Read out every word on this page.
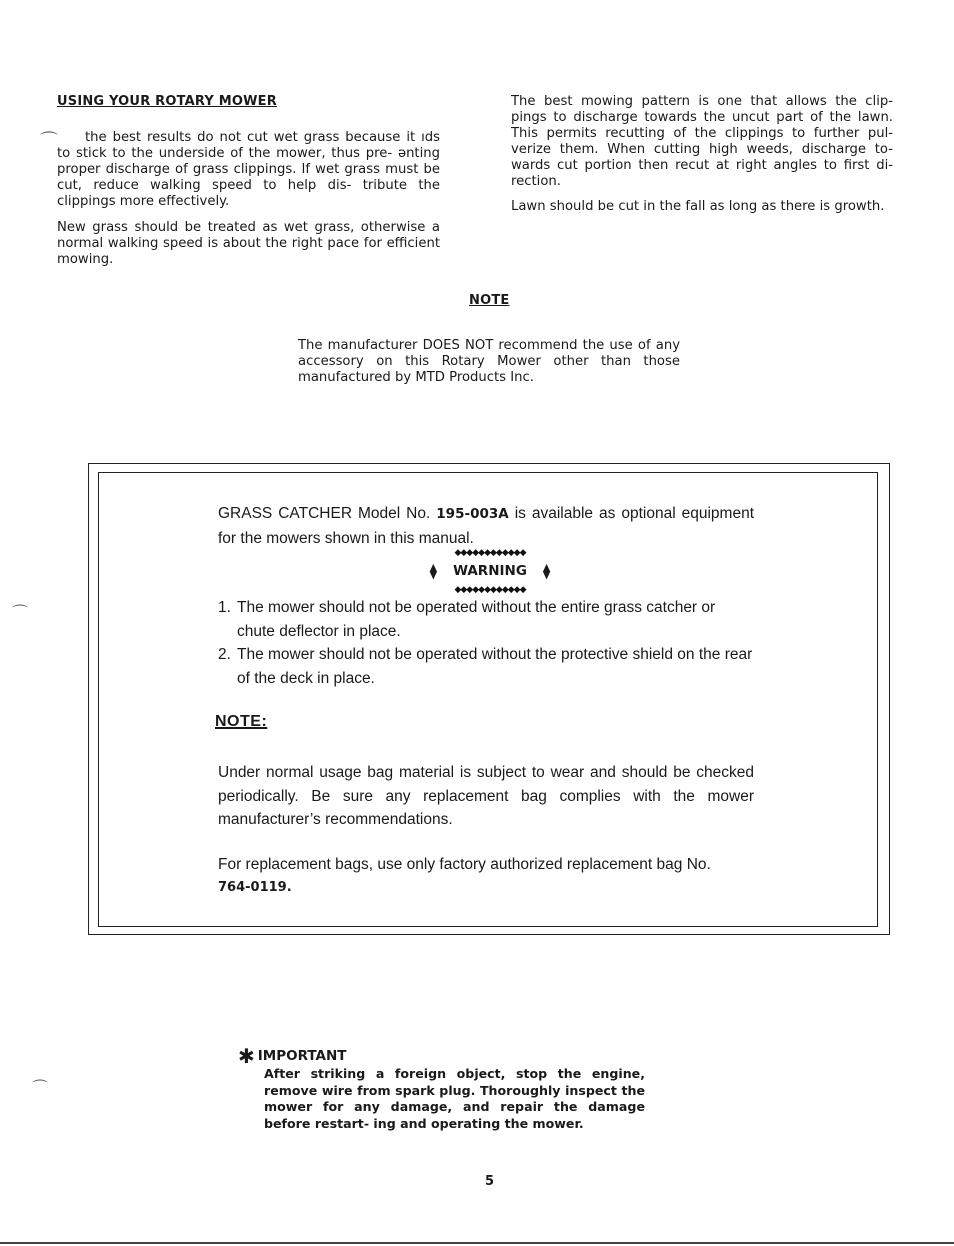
USING YOUR ROTARY MOWER

the best results do not cut wet grass because it ıds to stick to the underside of the mower, thus pre- ənting proper discharge of grass clippings. If wet grass must be cut, reduce walking speed to help dis- tribute the clippings more effectively.

New grass should be treated as wet grass, otherwise a normal walking speed is about the right pace for efficient mowing.

⌒

The best mowing pattern is one that allows the clip- pings to discharge towards the uncut part of the lawn. This permits recutting of the clippings to further pul- verize them. When cutting high weeds, discharge to- wards cut portion then recut at right angles to first di- rection.

Lawn should be cut in the fall as long as there is growth.

NOTE

The manufacturer DOES NOT recommend the use of any accessory on this Rotary Mower other than those manufactured by MTD Products Inc.

GRASS CATCHER Model No. 195-003A is available as optional equipment for the mowers shown in this manual.

◆◆◆◆◆◆◆◆◆◆◆◆
⧫ WARNING ⧫
◆◆◆◆◆◆◆◆◆◆◆◆
1. The mower should not be operated without the entire grass catcher or chute deflector in place.
2. The mower should not be operated without the protective shield on the rear of the deck in place.
NOTE:

Under normal usage bag material is subject to wear and should be checked periodically. Be sure any replacement bag complies with the mower manufacturer’s recommendations.

For replacement bags, use only factory authorized replacement bag No.

764-0119.
⌒
⌒
✱ IMPORTANT

After striking a foreign object, stop the engine, remove wire from spark plug. Thoroughly inspect the mower for any damage, and repair the damage before restart- ing and operating the mower.

5
